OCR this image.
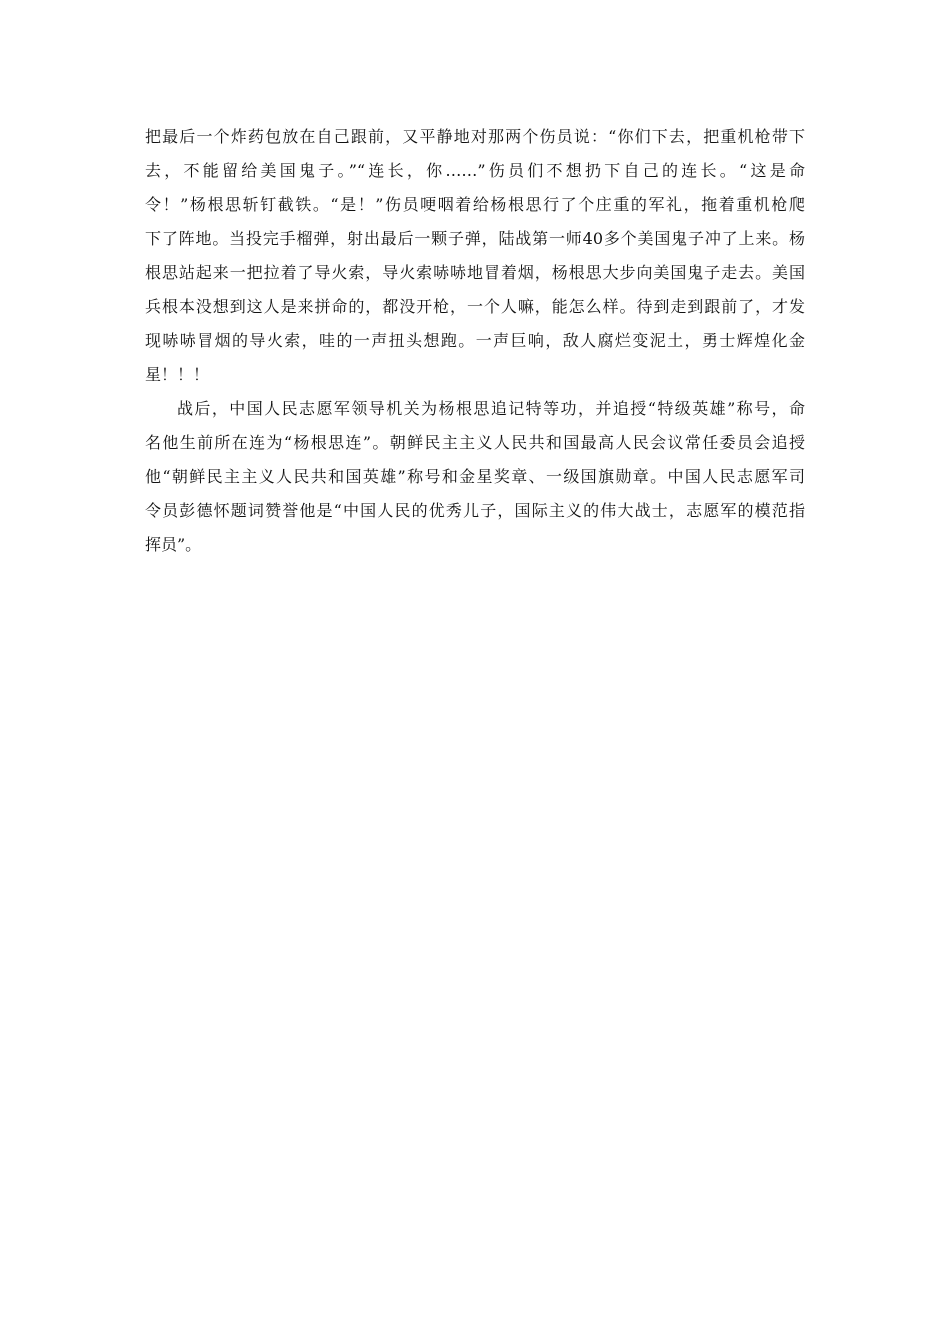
把最后一个炸药包放在自己跟前，又平静地对那两个伤员说：“你们下去，把重机枪带下
去，不能留给美国鬼子。”“连长，你……”伤员们不想扔下自己的连长。“这是命
令！”杨根思斩钉截铁。“是！”伤员哽咽着给杨根思行了个庄重的军礼，拖着重机枪爬
下了阵地。当投完手榴弹，射出最后一颗子弹，陆战第一师40多个美国鬼子冲了上来。杨
根思站起来一把拉着了导火索，导火索哧哧地冒着烟，杨根思大步向美国鬼子走去。美国
兵根本没想到这人是来拼命的，都没开枪，一个人嘛，能怎么样。待到走到跟前了，才发
现哧哧冒烟的导火索，哇的一声扭头想跑。一声巨响，敌人腐烂变泥土，勇士辉煌化金
星！！！
战后，中国人民志愿军领导机关为杨根思追记特等功，并追授“特级英雄”称号，命
名他生前所在连为“杨根思连”。朝鲜民主主义人民共和国最高人民会议常任委员会追授
他“朝鲜民主主义人民共和国英雄”称号和金星奖章、一级国旗勋章。中国人民志愿军司
令员彭德怀题词赞誉他是“中国人民的优秀儿子，国际主义的伟大战士，志愿军的模范指
挥员”。
